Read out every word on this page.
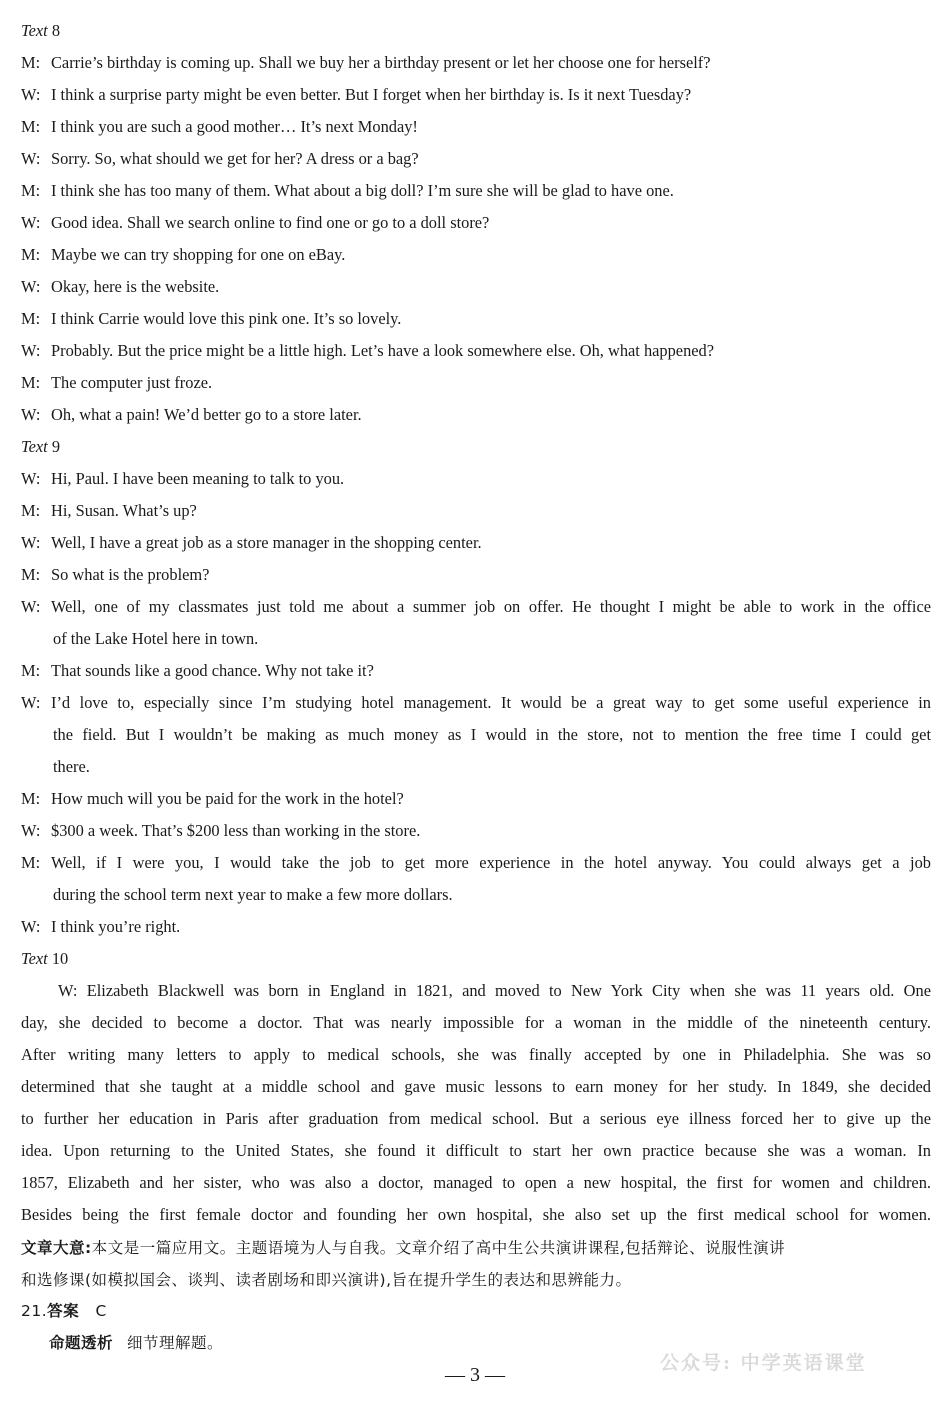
Text 8
M: Carrie’s birthday is coming up. Shall we buy her a birthday present or let her choose one for herself?
W: I think a surprise party might be even better. But I forget when her birthday is. Is it next Tuesday?
M: I think you are such a good mother… It’s next Monday!
W: Sorry. So, what should we get for her? A dress or a bag?
M: I think she has too many of them. What about a big doll? I’m sure she will be glad to have one.
W: Good idea. Shall we search online to find one or go to a doll store?
M: Maybe we can try shopping for one on eBay.
W: Okay, here is the website.
M: I think Carrie would love this pink one. It’s so lovely.
W: Probably. But the price might be a little high. Let’s have a look somewhere else. Oh, what happened?
M: The computer just froze.
W: Oh, what a pain! We’d better go to a store later.
Text 9
W: Hi, Paul. I have been meaning to talk to you.
M: Hi, Susan. What’s up?
W: Well, I have a great job as a store manager in the shopping center.
M: So what is the problem?
W: Well, one of my classmates just told me about a summer job on offer. He thought I might be able to work in the office
of the Lake Hotel here in town.
M: That sounds like a good chance. Why not take it?
W: I’d love to, especially since I’m studying hotel management. It would be a great way to get some useful experience in
the field. But I wouldn’t be making as much money as I would in the store, not to mention the free time I could get
there.
M: How much will you be paid for the work in the hotel?
W: $300 a week. That’s $200 less than working in the store.
M: Well, if I were you, I would take the job to get more experience in the hotel anyway. You could always get a job
during the school term next year to make a few more dollars.
W: I think you’re right.
Text 10
W: Elizabeth Blackwell was born in England in 1821, and moved to New York City when she was 11 years old. One
day, she decided to become a doctor. That was nearly impossible for a woman in the middle of the nineteenth century.
After writing many letters to apply to medical schools, she was finally accepted by one in Philadelphia. She was so
determined that she taught at a middle school and gave music lessons to earn money for her study. In 1849, she decided
to further her education in Paris after graduation from medical school. But a serious eye illness forced her to give up the
idea. Upon returning to the United States, she found it difficult to start her own practice because she was a woman. In
1857, Elizabeth and her sister, who was also a doctor, managed to open a new hospital, the first for women and children.
Besides being the first female doctor and founding her own hospital, she also set up the first medical school for women.
文章大意:本文是一篇应用文。主题语境为人与自我。文章介绍了高中生公共演讲课程,包括辩论、说服性演讲
和选修课(如模拟国会、谈判、读者剧场和即兴演讲),旨在提升学生的表达和思辨能力。
21.答案 C
命题透析 细节理解题。
— 3 —
公众号: 中学英语课堂
